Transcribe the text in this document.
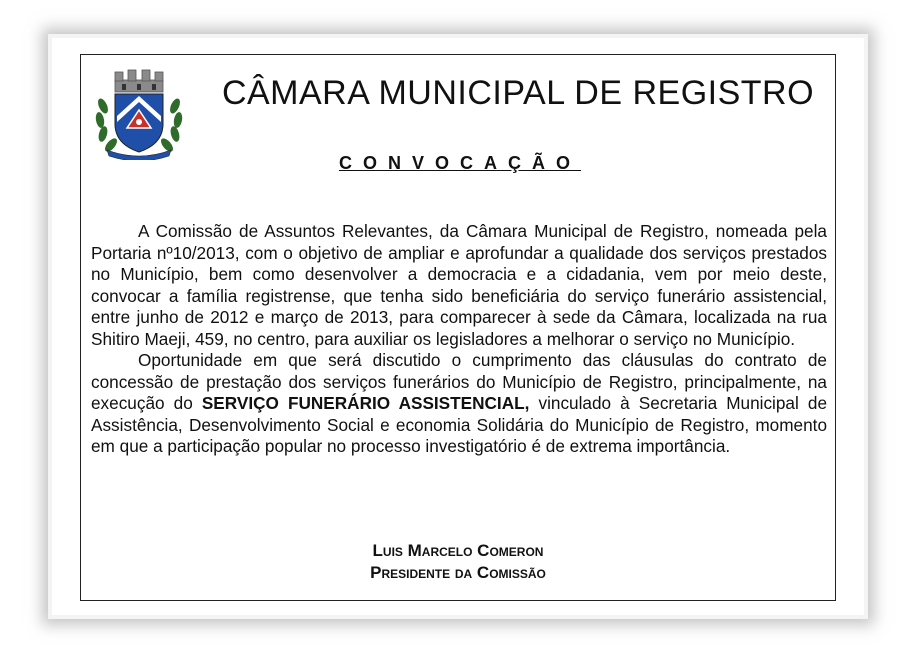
CÂMARA MUNICIPAL DE REGISTRO
CONVOCAÇÃO

A Comissão de Assuntos Relevantes, da Câmara Municipal de Registro, nomeada pela Portaria nº10/2013, com o objetivo de ampliar e aprofundar a qualidade dos serviços prestados no Município, bem como desenvolver a democracia e a cidadania, vem por meio deste, convocar a família registrense, que tenha sido beneficiária do serviço funerário assistencial, entre junho de 2012 e março de 2013, para comparecer à sede da Câmara, localizada na rua Shitiro Maeji, 459, no centro, para auxiliar os legisladores a melhorar o serviço no Município.

Oportunidade em que será discutido o cumprimento das cláusulas do contrato de concessão de prestação dos serviços funerários do Município de Registro, principalmente, na execução do SERVIÇO FUNERÁRIO ASSISTENCIAL, vinculado à Secretaria Municipal de Assistência, Desenvolvimento Social e economia Solidária do Município de Registro, momento em que a participação popular no processo investigatório é de extrema importância.

Luis Marcelo Comeron
Presidente da Comissão
